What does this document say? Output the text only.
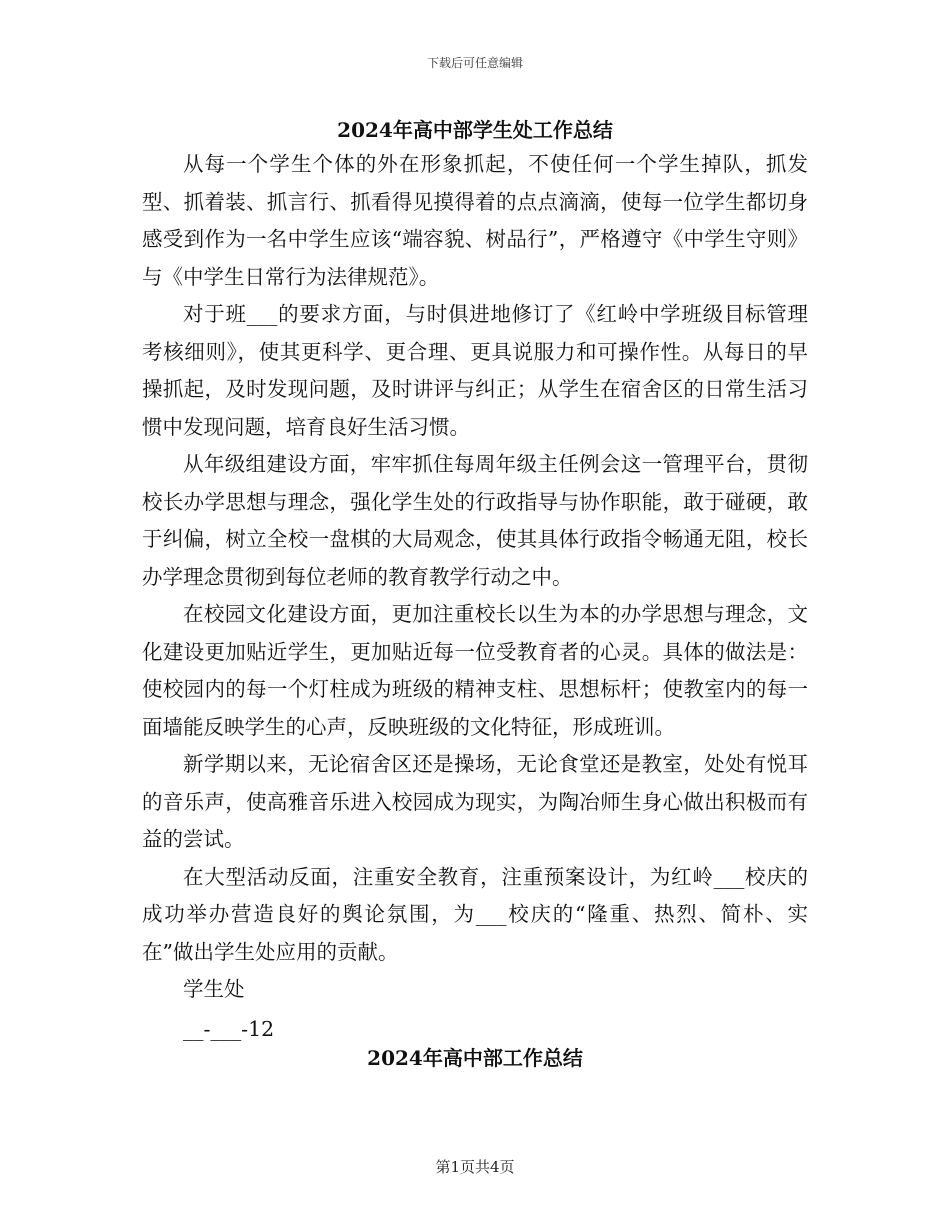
下载后可任意编辑
2024年高中部学生处工作总结

从每一个学生个体的外在形象抓起，不使任何一个学生掉队，抓发型、抓着装、抓言行、抓看得见摸得着的点点滴滴，使每一位学生都切身感受到作为一名中学生应该“端容貌、树品行”，严格遵守《中学生守则》与《中学生日常行为法律规范》。

对于班___的要求方面，与时俱进地修订了《红岭中学班级目标管理考核细则》，使其更科学、更合理、更具说服力和可操作性。从每日的早操抓起，及时发现问题，及时讲评与纠正；从学生在宿舍区的日常生活习惯中发现问题，培育良好生活习惯。

从年级组建设方面，牢牢抓住每周年级主任例会这一管理平台，贯彻校长办学思想与理念，强化学生处的行政指导与协作职能，敢于碰硬，敢于纠偏，树立全校一盘棋的大局观念，使其具体行政指令畅通无阻，校长办学理念贯彻到每位老师的教育教学行动之中。

在校园文化建设方面，更加注重校长以生为本的办学思想与理念，文化建设更加贴近学生，更加贴近每一位受教育者的心灵。具体的做法是：使校园内的每一个灯柱成为班级的精神支柱、思想标杆；使教室内的每一面墙能反映学生的心声，反映班级的文化特征，形成班训。

新学期以来，无论宿舍区还是操场，无论食堂还是教室，处处有悦耳的音乐声，使高雅音乐进入校园成为现实，为陶冶师生身心做出积极而有益的尝试。

在大型活动反面，注重安全教育，注重预案设计，为红岭___校庆的成功举办营造良好的舆论氛围，为___校庆的“隆重、热烈、简朴、实在”做出学生处应用的贡献。

学生处

__-___-12

2024年高中部工作总结
第1页共4页
